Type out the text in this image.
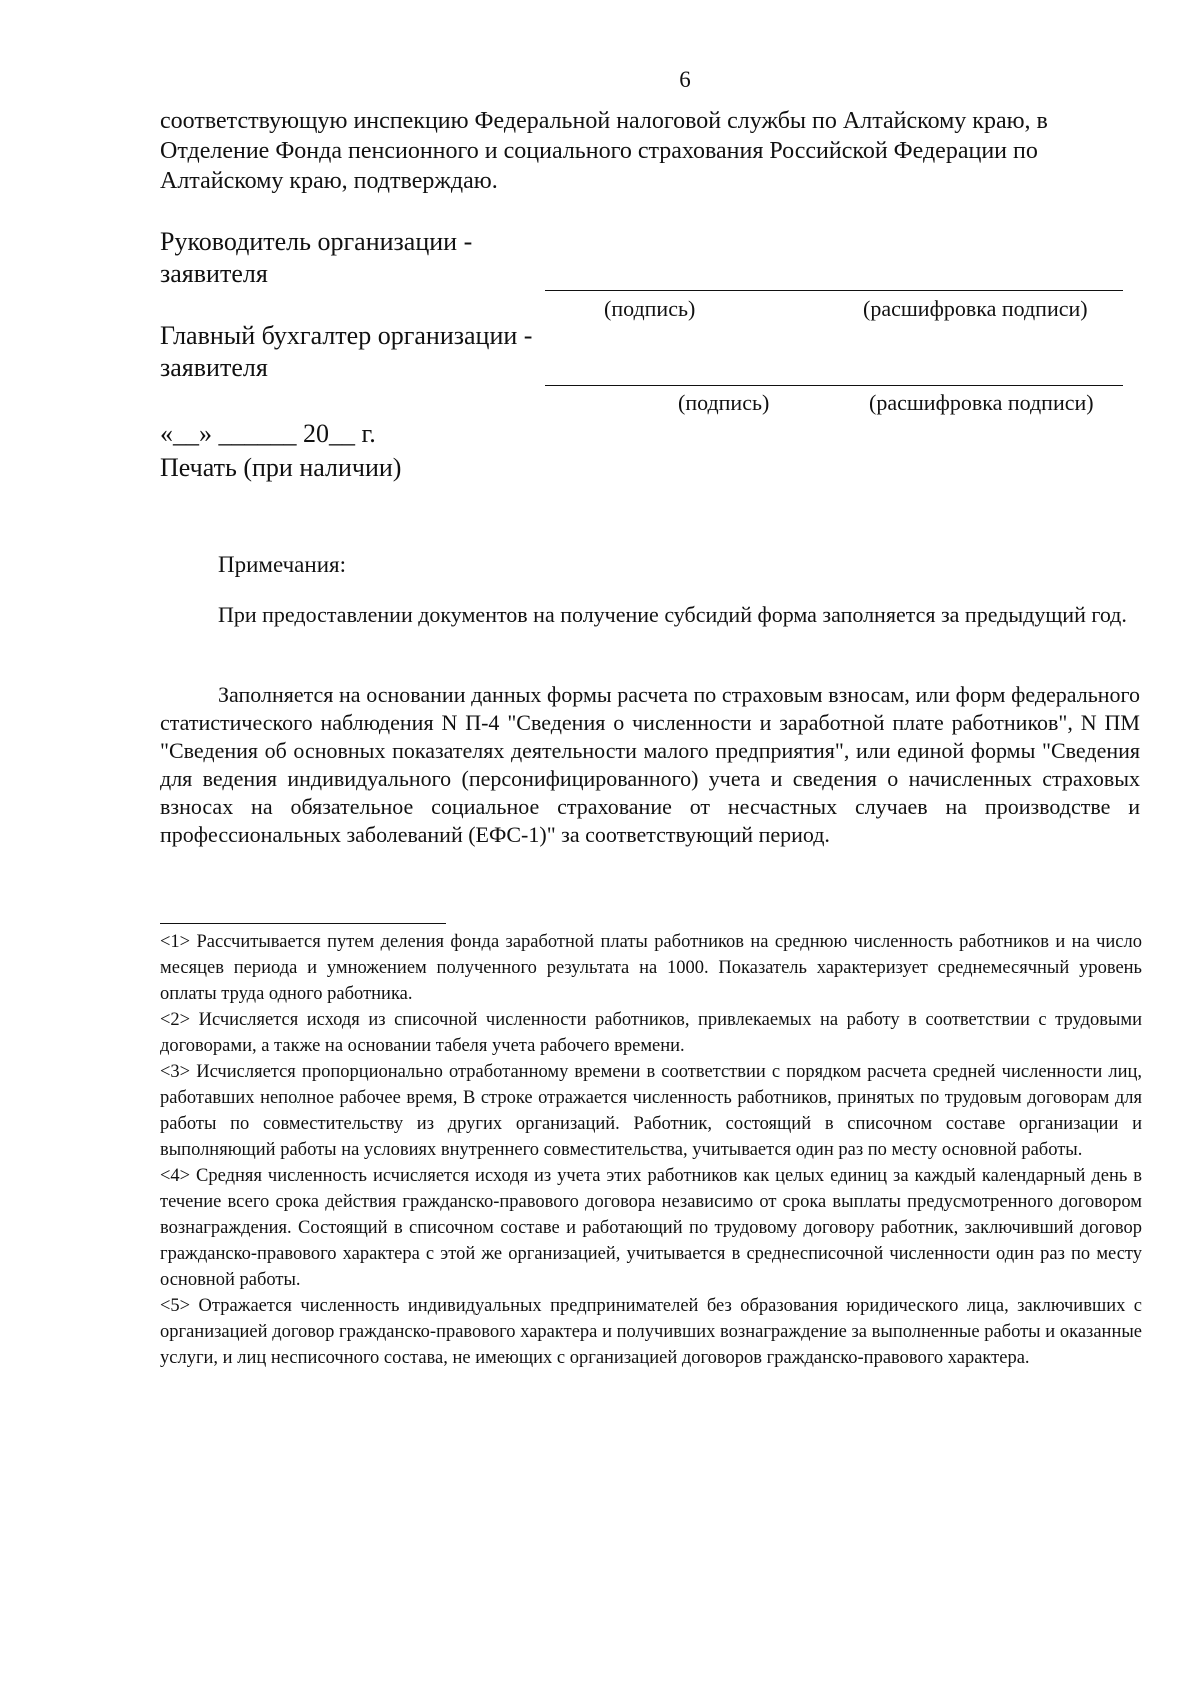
6

соответствующую инспекцию Федеральной налоговой службы по Алтайскому краю, в Отделение Фонда пенсионного и социального страхования Российской Федерации по Алтайскому краю, подтверждаю.

Руководитель организации -
заявителя
(подпись)	(расшифровка подписи)
Главный бухгалтер организации -
заявителя
(подпись)	(расшифровка подписи)
«__» ______ 20__ г.
Печать (при наличии)
Примечания:

При предоставлении документов на получение субсидий форма заполняется за предыдущий год.

Заполняется на основании данных формы расчета по страховым взносам, или форм федерального статистического наблюдения N П-4 "Сведения о численности и заработной плате работников", N ПМ "Сведения об основных показателях деятельности малого предприятия", или единой формы "Сведения для ведения индивидуального (персонифицированного) учета и сведения о начисленных страховых взносах на обязательное социальное страхование от несчастных случаев на производстве и профессиональных заболеваний (ЕФС-1)" за соответствующий период.

<1> Рассчитывается путем деления фонда заработной платы работников на среднюю численность работников и на число месяцев периода и умножением полученного результата на 1000. Показатель характеризует среднемесячный уровень оплаты труда одного работника.

<2> Исчисляется исходя из списочной численности работников, привлекаемых на работу в соответствии с трудовыми договорами, а также на основании табеля учета рабочего времени.

<3> Исчисляется пропорционально отработанному времени в соответствии с порядком расчета средней численности лиц, работавших неполное рабочее время, В строке отражается численность работников, принятых по трудовым договорам для работы по совместительству из других организаций. Работник, состоящий в списочном составе организации и выполняющий работы на условиях внутреннего совместительства, учитывается один раз по месту основной работы.

<4> Средняя численность исчисляется исходя из учета этих работников как целых единиц за каждый календарный день в течение всего срока действия гражданско-правового договора независимо от срока выплаты предусмотренного договором вознаграждения. Состоящий в списочном составе и работающий по трудовому договору работник, заключивший договор гражданско-правового характера с этой же организацией, учитывается в среднесписочной численности один раз по месту основной работы.

<5> Отражается численность индивидуальных предпринимателей без образования юридического лица, заключивших с организацией договор гражданско-правового характера и получивших вознаграждение за выполненные работы и оказанные услуги, и лиц несписочного состава, не имеющих с организацией договоров гражданско-правового характера.
